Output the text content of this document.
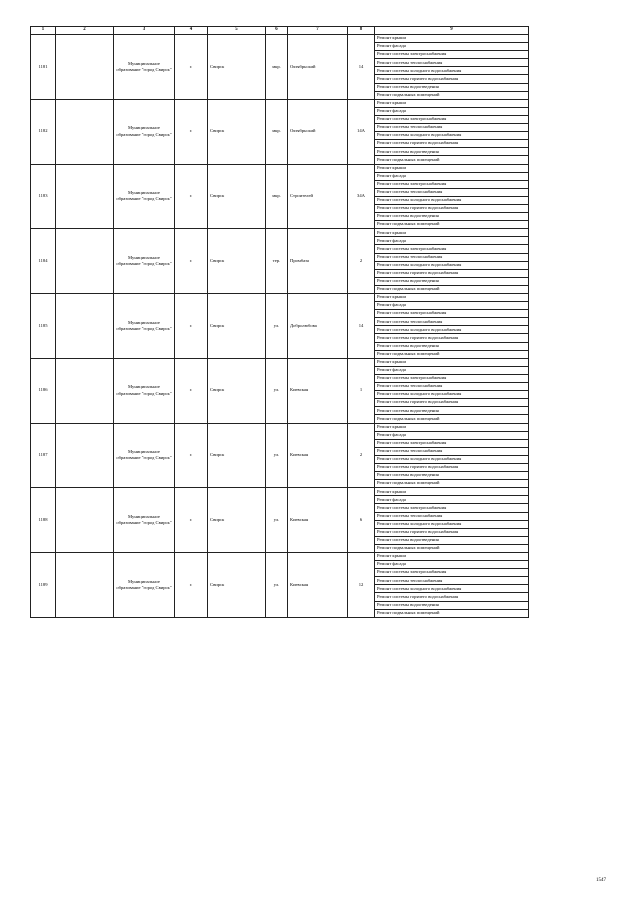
1	2	3	4	5	6	7	8	9
1181		Муниципальное образование "город Свирск"	г.	Свирск	мкр.	Октябрьский	14	Ремонт крыши
								Ремонт фасада
								Ремонт системы электроснабжения
								Ремонт системы теплоснабжения
								Ремонт системы холодного водоснабжения
								Ремонт системы горячего водоснабжения
								Ремонт системы водоотведения
								Ремонт подвальных помещений
1182		Муниципальное образование "город Свирск"	г.	Свирск	мкр.	Октябрьский	14А	Ремонт крыши
								Ремонт фасада
								Ремонт системы электроснабжения
								Ремонт системы теплоснабжения
								Ремонт системы холодного водоснабжения
								Ремонт системы горячего водоснабжения
								Ремонт системы водоотведения
								Ремонт подвальных помещений
1183		Муниципальное образование "город Свирск"	г.	Свирск	мкр.	Строителей	34А	Ремонт крыши
								Ремонт фасада
								Ремонт системы электроснабжения
								Ремонт системы теплоснабжения
								Ремонт системы холодного водоснабжения
								Ремонт системы горячего водоснабжения
								Ремонт системы водоотведения
								Ремонт подвальных помещений
1184		Муниципальное образование "город Свирск"	г.	Свирск	тер.	Промбаза	2	Ремонт крыши
								Ремонт фасада
								Ремонт системы электроснабжения
								Ремонт системы теплоснабжения
								Ремонт системы холодного водоснабжения
								Ремонт системы горячего водоснабжения
								Ремонт системы водоотведения
								Ремонт подвальных помещений
1185		Муниципальное образование "город Свирск"	г.	Свирск	ул.	Добролюбова	14	Ремонт крыши
								Ремонт фасада
								Ремонт системы электроснабжения
								Ремонт системы теплоснабжения
								Ремонт системы холодного водоснабжения
								Ремонт системы горячего водоснабжения
								Ремонт системы водоотведения
								Ремонт подвальных помещений
1186		Муниципальное образование "город Свирск"	г.	Свирск	ул.	Киевская	1	Ремонт крыши
								Ремонт фасада
								Ремонт системы электроснабжения
								Ремонт системы теплоснабжения
								Ремонт системы холодного водоснабжения
								Ремонт системы горячего водоснабжения
								Ремонт системы водоотведения
								Ремонт подвальных помещений
1187		Муниципальное образование "город Свирск"	г.	Свирск	ул.	Киевская	2	Ремонт крыши
								Ремонт фасада
								Ремонт системы электроснабжения
								Ремонт системы теплоснабжения
								Ремонт системы холодного водоснабжения
								Ремонт системы горячего водоснабжения
								Ремонт системы водоотведения
								Ремонт подвальных помещений
1188		Муниципальное образование "город Свирск"	г.	Свирск	ул.	Киевская	6	Ремонт крыши
								Ремонт фасада
								Ремонт системы электроснабжения
								Ремонт системы теплоснабжения
								Ремонт системы холодного водоснабжения
								Ремонт системы горячего водоснабжения
								Ремонт системы водоотведения
								Ремонт подвальных помещений
1189		Муниципальное образование "город Свирск"	г.	Свирск	ул.	Киевская	12	Ремонт крыши
								Ремонт фасада
								Ремонт системы электроснабжения
								Ремонт системы теплоснабжения
								Ремонт системы холодного водоснабжения
								Ремонт системы горячего водоснабжения
								Ремонт системы водоотведения
								Ремонт подвальных помещений
1547
